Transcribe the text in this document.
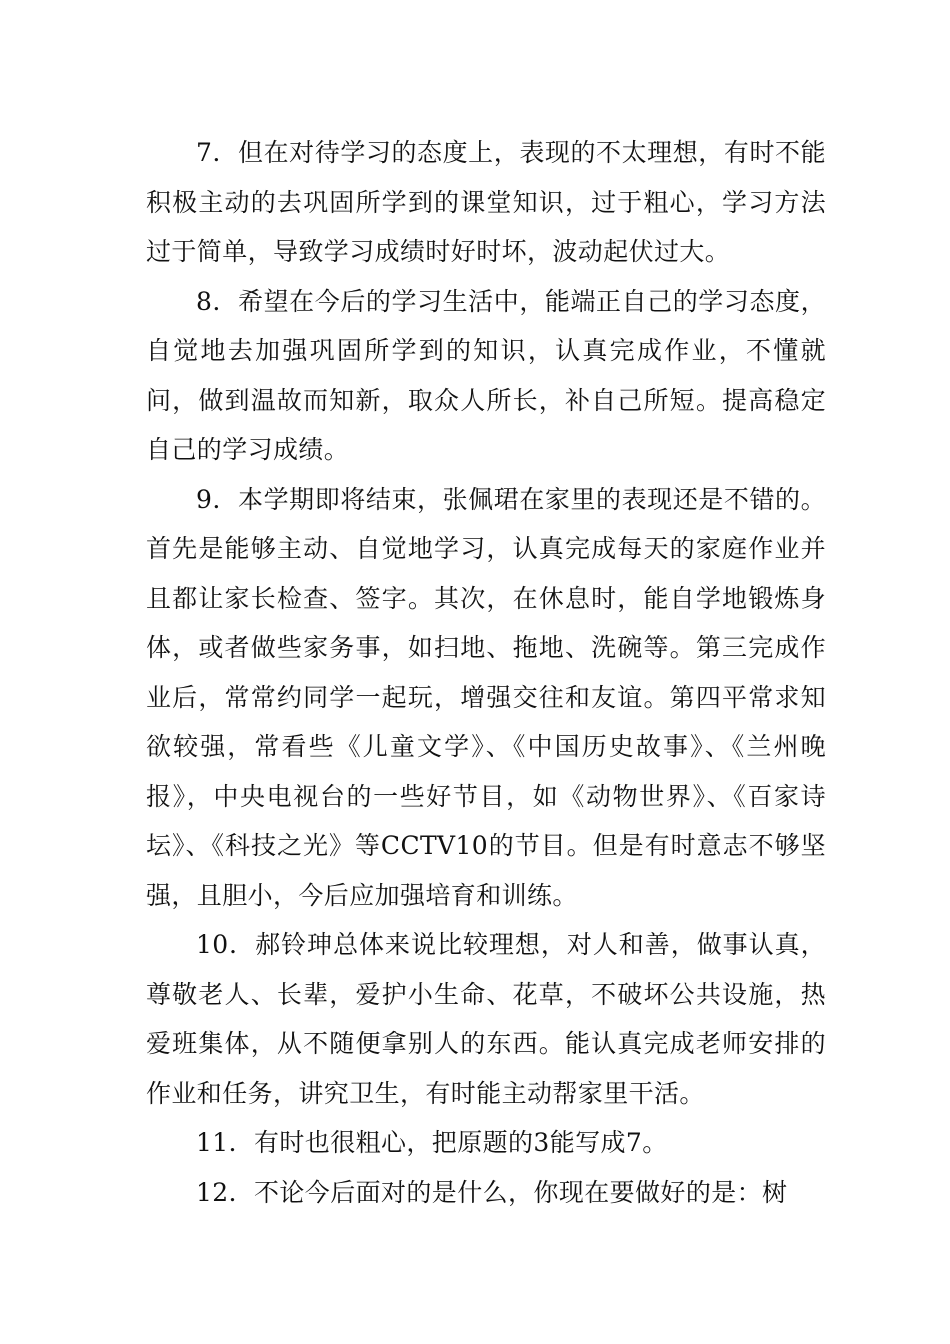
7．但在对待学习的态度上，表现的不太理想，有时不能积极主动的去巩固所学到的课堂知识，过于粗心，学习方法过于简单，导致学习成绩时好时坏，波动起伏过大。

8．希望在今后的学习生活中，能端正自己的学习态度，自觉地去加强巩固所学到的知识，认真完成作业，不懂就问，做到温故而知新，取众人所长，补自己所短。提高稳定自己的学习成绩。

9．本学期即将结束，张佩珺在家里的表现还是不错的。首先是能够主动、自觉地学习，认真完成每天的家庭作业并且都让家长检查、签字。其次，在休息时，能自学地锻炼身体，或者做些家务事，如扫地、拖地、洗碗等。第三完成作业后，常常约同学一起玩，增强交往和友谊。第四平常求知欲较强，常看些《儿童文学》、《中国历史故事》、《兰州晚报》，中央电视台的一些好节目，如《动物世界》、《百家诗坛》、《科技之光》等CCTV10的节目。但是有时意志不够坚强，且胆小，今后应加强培育和训练。

10．郝铃珅总体来说比较理想，对人和善，做事认真，尊敬老人、长辈，爱护小生命、花草，不破坏公共设施，热爱班集体，从不随便拿别人的东西。能认真完成老师安排的作业和任务，讲究卫生，有时能主动帮家里干活。

11．有时也很粗心，把原题的3能写成7。

12．不论今后面对的是什么，你现在要做好的是：树
